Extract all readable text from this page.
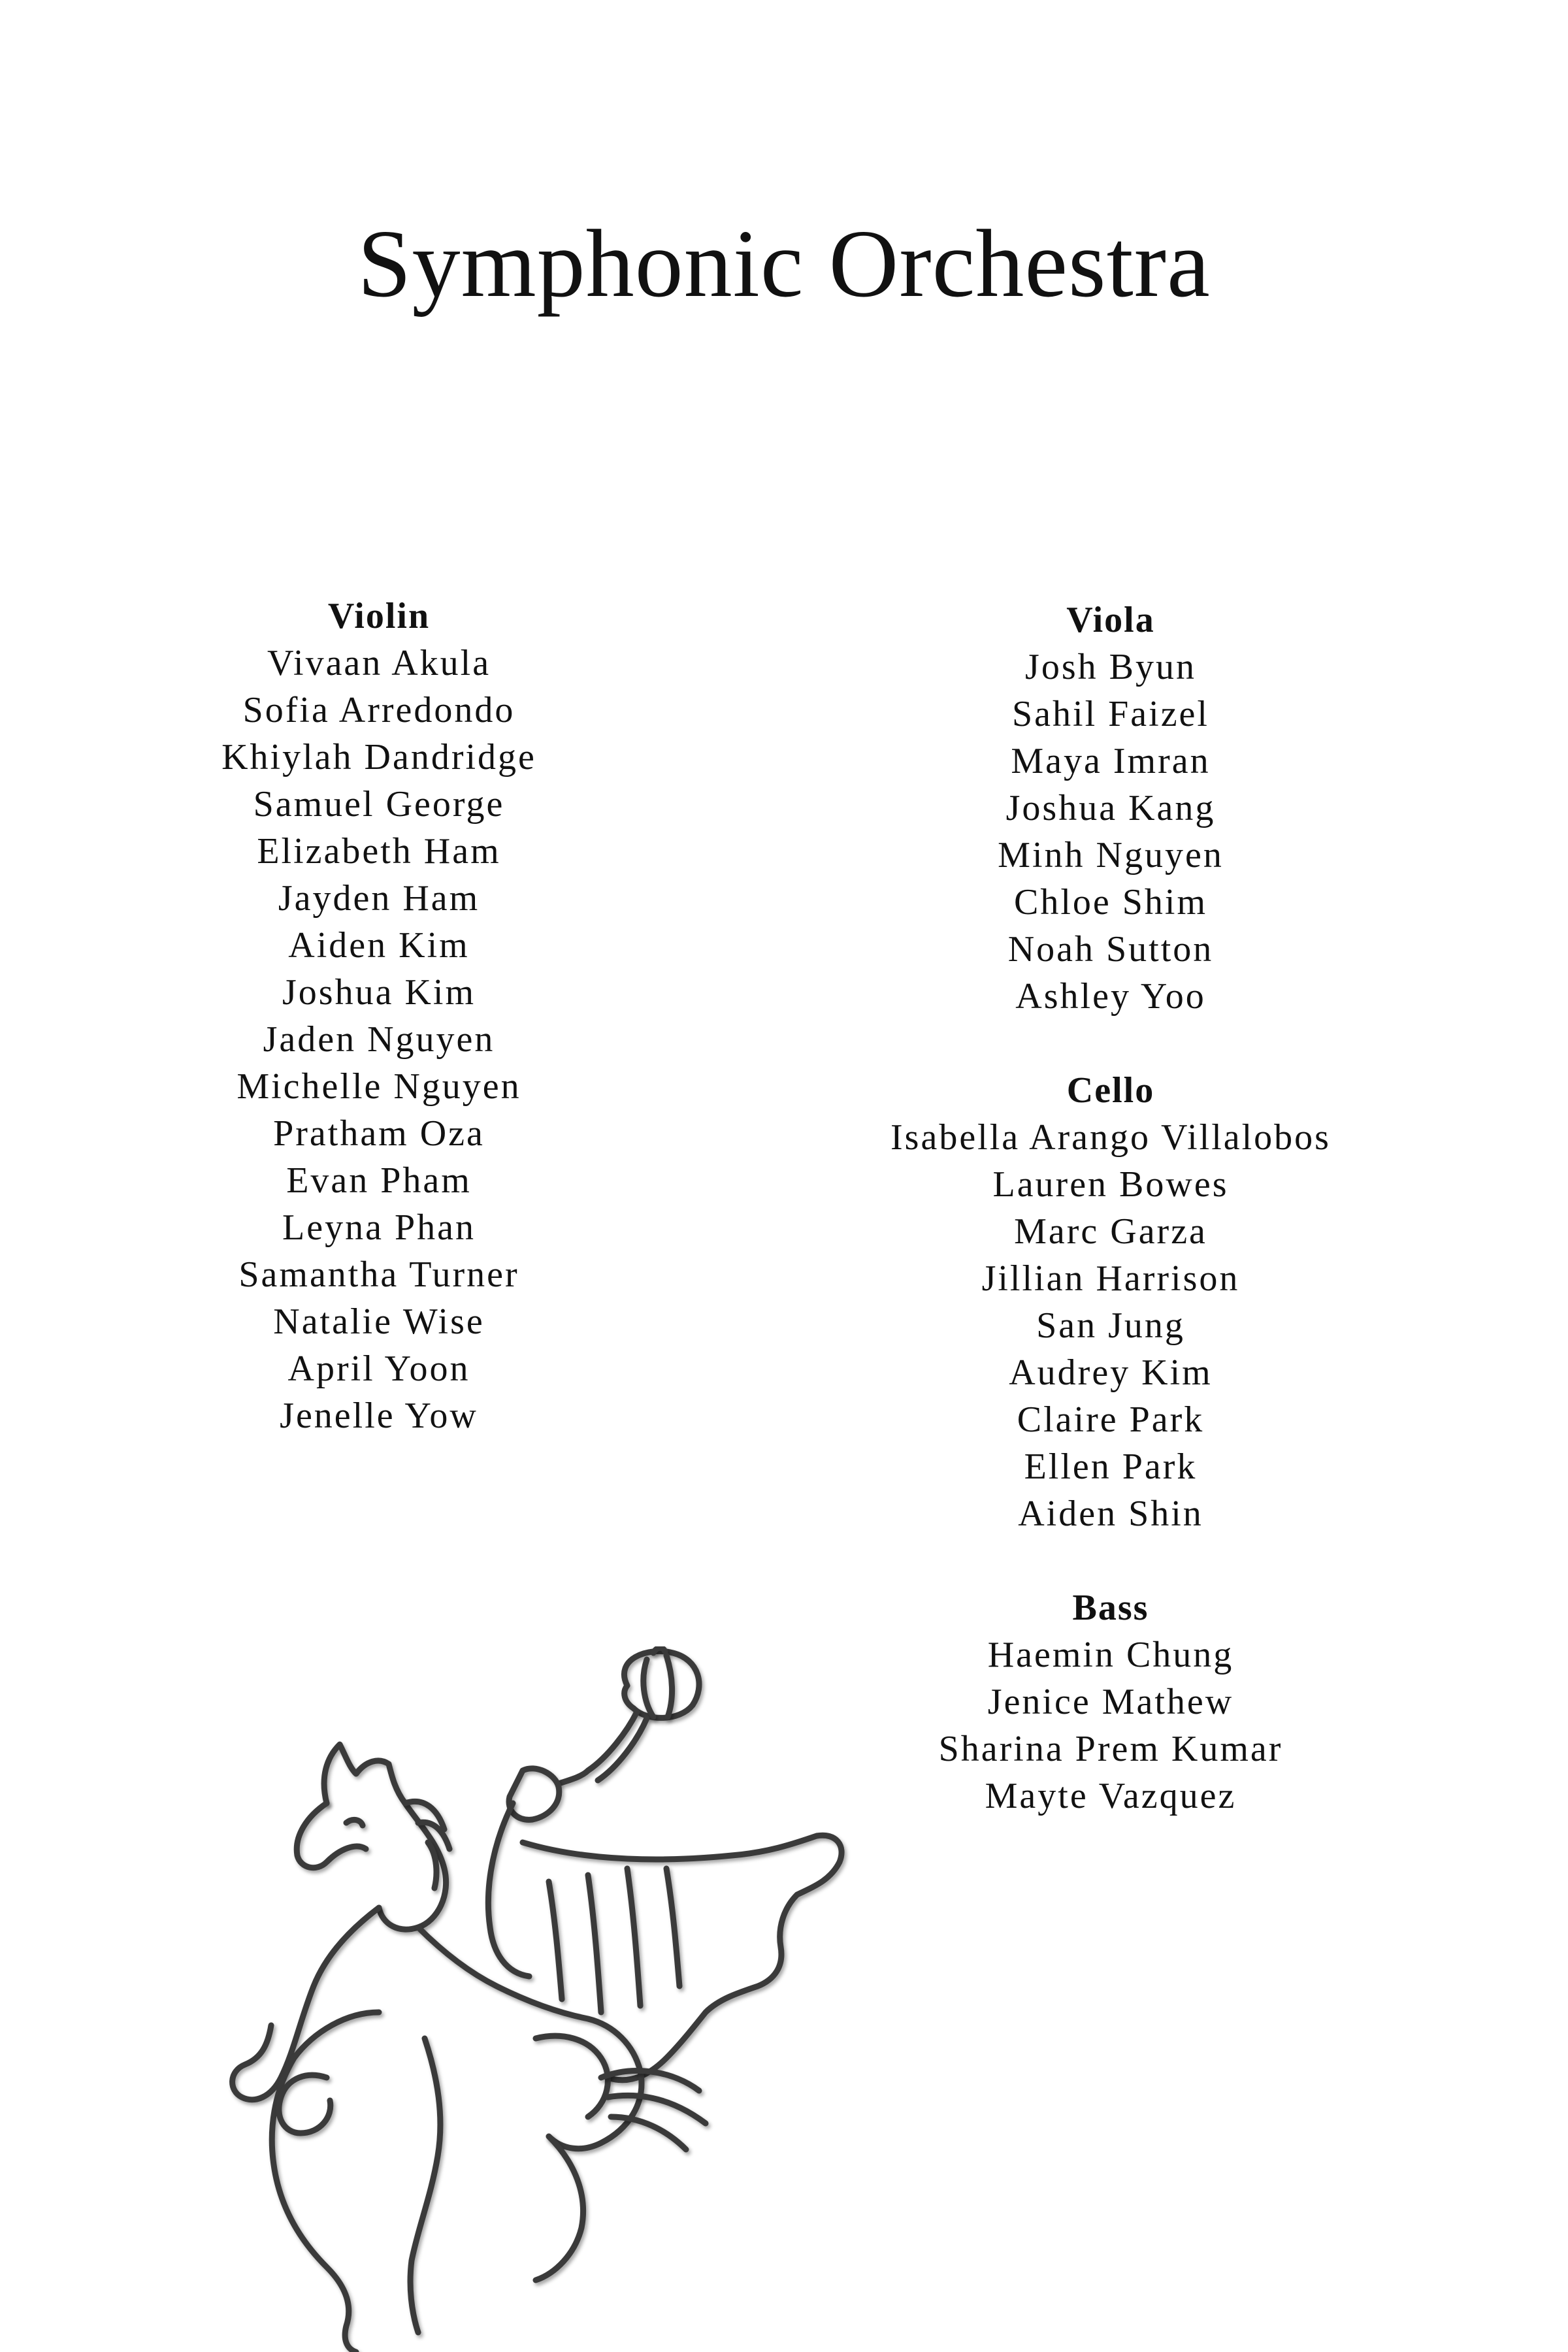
Symphonic Orchestra

Violin

Vivaan Akula
Sofia Arredondo
Khiylah Dandridge
Samuel George
Elizabeth Ham
Jayden Ham
Aiden Kim
Joshua Kim
Jaden Nguyen
Michelle Nguyen
Pratham Oza
Evan Pham
Leyna Phan
Samantha Turner
Natalie Wise
April Yoon
Jenelle Yow

Viola

Josh Byun
Sahil Faizel
Maya Imran
Joshua Kang
Minh Nguyen
Chloe Shim
Noah Sutton
Ashley Yoo

Cello

Isabella Arango Villalobos
Lauren Bowes
Marc Garza
Jillian Harrison
San Jung
Audrey Kim
Claire Park
Ellen Park
Aiden Shin

Bass

Haemin Chung
Jenice Mathew
Sharina Prem Kumar
Mayte Vazquez
